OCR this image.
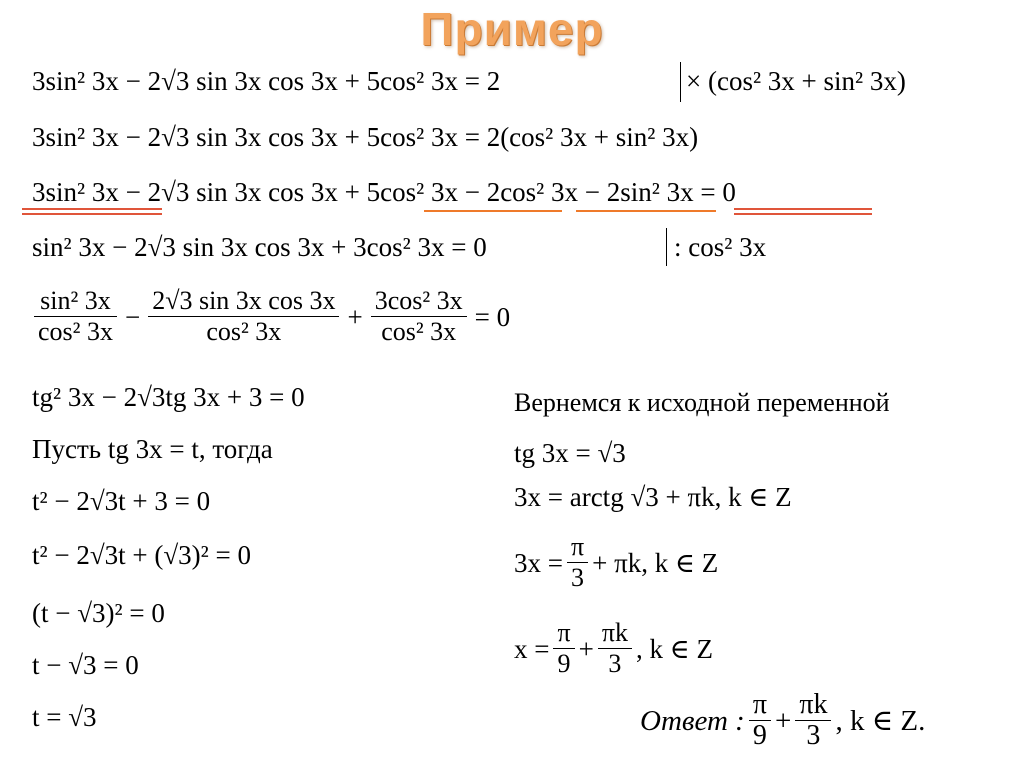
Пример
3sin² 3x − 2√3 sin 3x cos 3x + 5cos² 3x = 2	× (cos² 3x + sin² 3x)
3sin² 3x − 2√3 sin 3x cos 3x + 5cos² 3x = 2(cos² 3x + sin² 3x)
3sin² 3x − 2√3 sin 3x cos 3x + 5cos² 3x − 2cos² 3x − 2sin² 3x = 0
sin² 3x − 2√3 sin 3x cos 3x + 3cos² 3x = 0	: cos² 3x
$\frac{\text{sin² 3x}}{\text{cos² 3x}} - \frac{\text{2√3 sin 3x cos 3x}}{\text{cos² 3x}} + \frac{\text{3cos² 3x}}{\text{cos² 3x}} = 0$
tg² 3x − 2√3tg 3x + 3 = 0
Пусть tg 3x = t, тогда
t² − 2√3t + 3 = 0
t² − 2√3t + (√3)² = 0
(t − √3)² = 0
t − √3 = 0
t = √3
Вернемся к исходной переменной
tg 3x = √3
3x = arctg √3 + πk, k ∈ Z
$3x = \frac{\pi}{3} + \pi k$, k ∈ Z
$x = \frac{\pi}{9} + \frac{\pi k}{3}$ , k ∈ Z
Ответ : $\frac{\pi}{9} + \frac{\pi k}{3}$ , k ∈ Z.
